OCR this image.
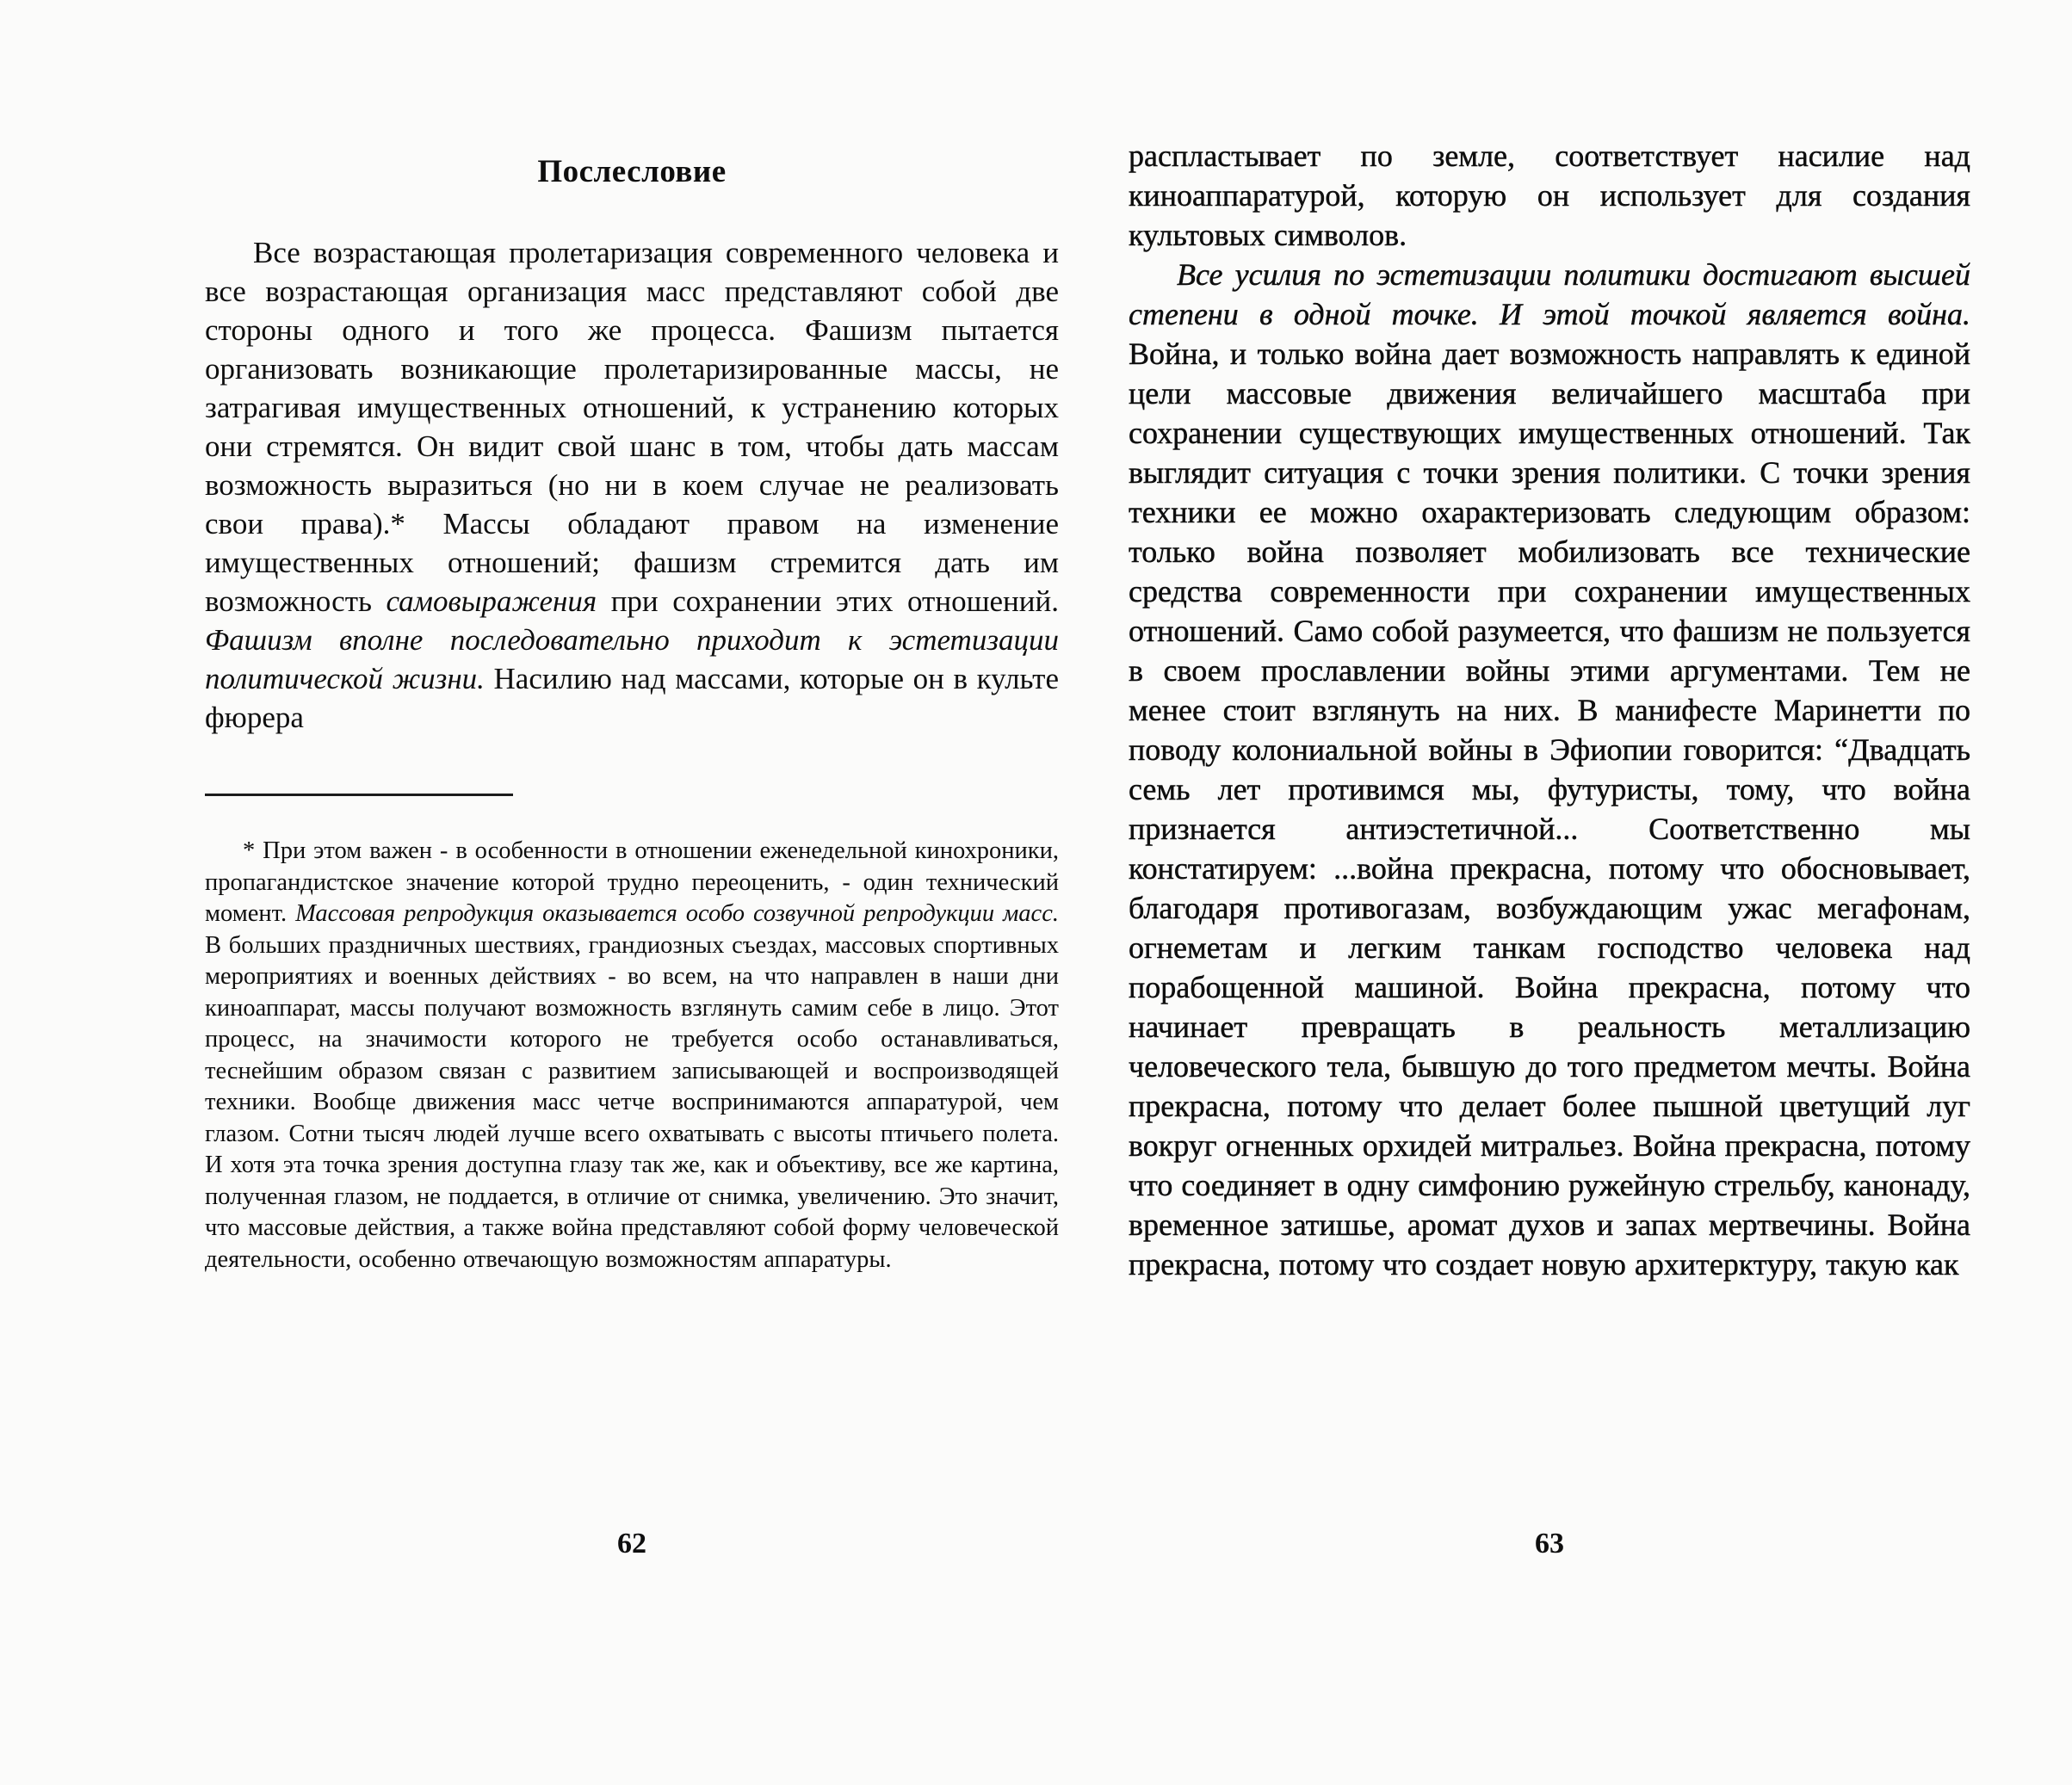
Послесловие

Все возрастающая пролетаризация современного человека и все возрастающая организация масс представляют собой две стороны одного и того же процесса. Фашизм пытается организовать возникающие пролетаризированные массы, не затрагивая имущественных отношений, к устранению которых они стремятся. Он видит свой шанс в том, чтобы дать массам возможность выразиться (но ни в коем случае не реализовать свои права).* Массы обладают правом на изменение имущественных отношений; фашизм стремится дать им возможность самовыражения при сохранении этих отношений. Фашизм вполне последовательно приходит к эстетизации политической жизни. Насилию над массами, которые он в культе фюрера

* При этом важен - в особенности в отношении еженедельной кинохроники, пропагандистское значение которой трудно переоценить, - один технический момент. Массовая репродукция оказывается особо созвучной репродукции масс. В больших праздничных шествиях, грандиозных съездах, массовых спортивных мероприятиях и военных действиях - во всем, на что направлен в наши дни киноаппарат, массы получают возможность взглянуть самим себе в лицо. Этот процесс, на значимости которого не требуется особо останавливаться, теснейшим образом связан с развитием записывающей и воспроизводящей техники. Вообще движения масс четче воспринимаются аппаратурой, чем глазом. Сотни тысяч людей лучше всего охватывать с высоты птичьего полета. И хотя эта точка зрения доступна глазу так же, как и объективу, все же картина, полученная глазом, не поддается, в отличие от снимка, увеличению. Это значит, что массовые действия, а также война представляют собой форму человеческой деятельности, особенно отвечающую возможностям аппаратуры.

распластывает по земле, соответствует насилие над киноаппаратурой, которую он использует для создания культовых символов.

Все усилия по эстетизации политики достигают высшей степени в одной точке. И этой точкой является война. Война, и только война дает возможность направлять к единой цели массовые движения величайшего масштаба при сохранении существующих имущественных отношений. Так выглядит ситуация с точки зрения политики. С точки зрения техники ее можно охарактеризовать следующим образом: только война позволяет мобилизовать все технические средства современности при сохранении имущественных отношений. Само собой разумеется, что фашизм не пользуется в своем прославлении войны этими аргументами. Тем не менее стоит взглянуть на них. В манифесте Маринетти по поводу колониальной войны в Эфиопии говорится: “Двадцать семь лет противимся мы, футуристы, тому, что война признается антиэстетичной... Соответственно мы констатируем: ...война прекрасна, потому что обосновывает, благодаря противогазам, возбуждающим ужас мегафонам, огнеметам и легким танкам господство человека над порабощенной машиной. Война прекрасна, потому что начинает превращать в реальность металлизацию человеческого тела, бывшую до того предметом мечты. Война прекрасна, потому что делает более пышной цветущий луг вокруг огненных орхидей митральез. Война прекрасна, потому что соединяет в одну симфонию ружейную стрельбу, канонаду, временное затишье, аромат духов и запах мертвечины. Война прекрасна, потому что создает новую архитерктуру, такую как

62	63
